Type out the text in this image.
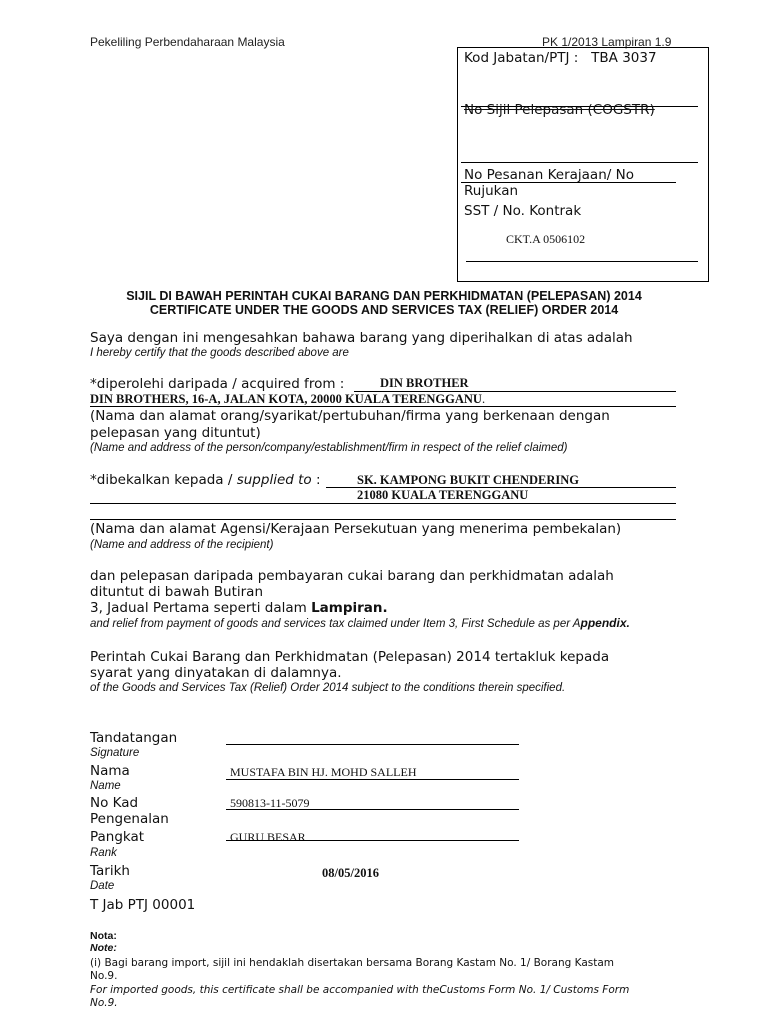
Pekeliling Perbendaharaan Malaysia	PK 1/2013 Lampiran 1.9
Kod Jabatan/PTJ : TBA 3037
No Sijil Pelepasan (COGSTR)
No Pesanan Kerajaan/ No
Rujukan
SST / No. Kontrak
CKT.A 0506102
SIJIL DI BAWAH PERINTAH CUKAI BARANG DAN PERKHIDMATAN (PELEPASAN) 2014
CERTIFICATE UNDER THE GOODS AND SERVICES TAX (RELIEF) ORDER 2014
Saya dengan ini mengesahkan bahawa barang yang diperihalkan di atas adalah
I hereby certify that the goods described above are
*diperolehi daripada / acquired from :	DIN BROTHER
DIN BROTHERS, 16-A, JALAN KOTA, 20000 KUALA TERENGGANU.
(Nama dan alamat orang/syarikat/pertubuhan/firma yang berkenaan dengan
pelepasan yang dituntut)
(Name and address of the person/company/establishment/firm in respect of the relief claimed)
*dibekalkan kepada / supplied to :	SK. KAMPONG BUKIT CHENDERING
21080 KUALA TERENGGANU
(Nama dan alamat Agensi/Kerajaan Persekutuan yang menerima pembekalan)
(Name and address of the recipient)
dan pelepasan daripada pembayaran cukai barang dan perkhidmatan adalah
dituntut di bawah Butiran
3, Jadual Pertama seperti dalam Lampiran.
and relief from payment of goods and services tax claimed under Item 3, First Schedule as per Appendix.
Perintah Cukai Barang dan Perkhidmatan (Pelepasan) 2014 tertakluk kepada
syarat yang dinyatakan di dalamnya.
of the Goods and Services Tax (Relief) Order 2014 subject to the conditions therein specified.
Tandatangan
Signature
Nama	MUSTAFA BIN HJ. MOHD SALLEH
Name
No Kad	590813-11-5079
Pengenalan
Pangkat	GURU BESAR
Rank
Tarikh	08/05/2016
Date
T Jab PTJ 00001
Nota:
Note:
(i) Bagi barang import, sijil ini hendaklah disertakan bersama Borang Kastam No. 1/ Borang Kastam
No.9.
For imported goods, this certificate shall be accompanied with theCustoms Form No. 1/ Customs Form
No.9.
